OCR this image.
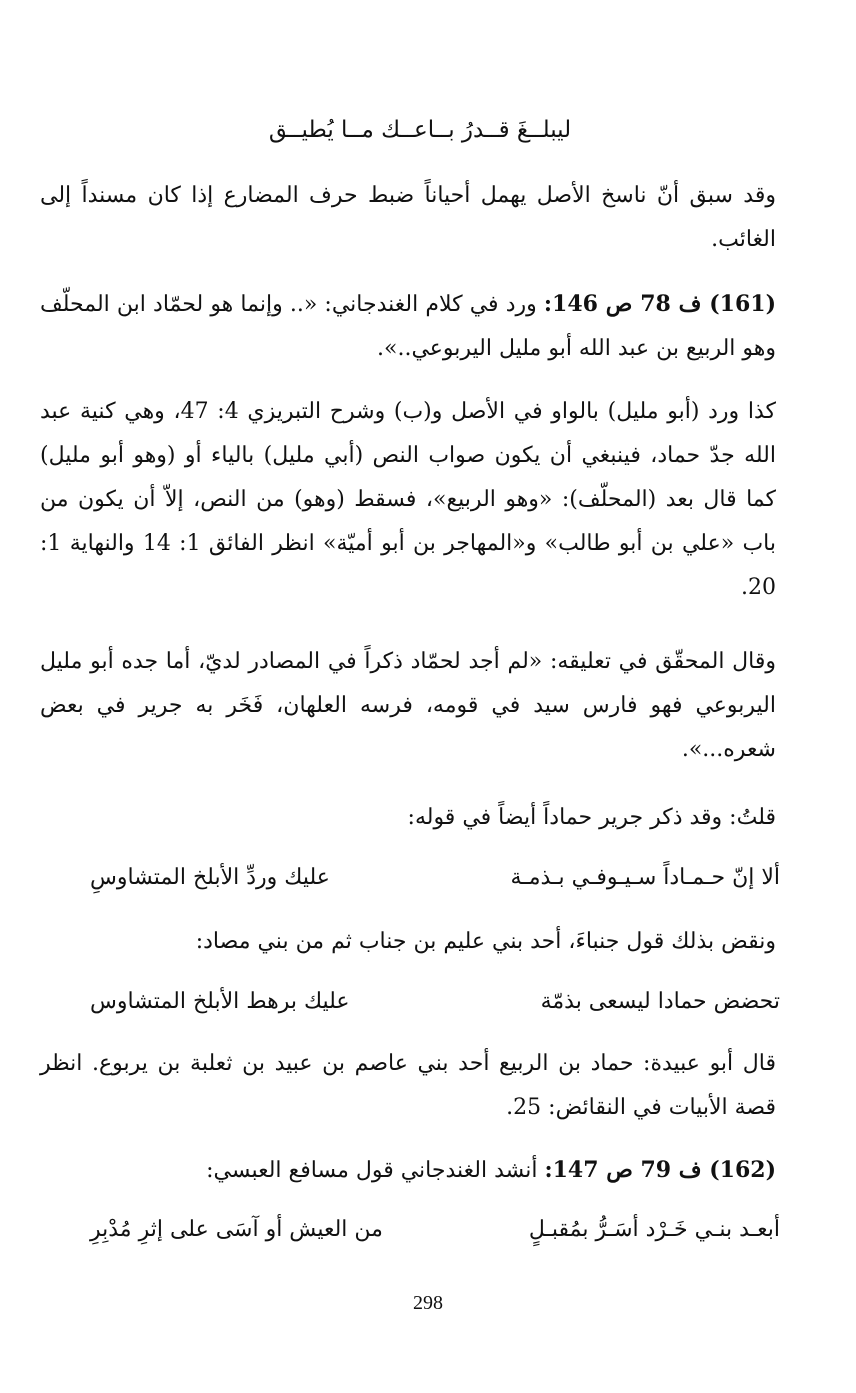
ليبلــغَ قــدرُ بــاعــك مــا يُطيــق
وقد سبق أنّ ناسخ الأصل يهمل أحياناً ضبط حرف المضارع إذا كان مسنداً إلى الغائب.
(161) ف 78 ص 146: ورد في كلام الغندجاني: «.. وإنما هو لحمّاد ابن المحلّف وهو الربيع بن عبد الله أبو مليل اليربوعي..».
كذا ورد (أبو مليل) بالواو في الأصل و(ب) وشرح التبريزي 4: 47، وهي كنية عبد الله جدّ حماد، فينبغي أن يكون صواب النص (أبي مليل) بالياء أو (وهو أبو مليل) كما قال بعد (المحلّف): «وهو الربيع»، فسقط (وهو) من النص، إلاّ أن يكون من باب «علي بن أبو طالب» و«المهاجر بن أبو أميّة» انظر الفائق 1: 14 والنهاية 1: 20.
وقال المحقّق في تعليقه: «لم أجد لحمّاد ذكراً في المصادر لديّ، أما جده أبو مليل اليربوعي فهو فارس سيد في قومه، فرسه العلهان، فَخَر به جرير في بعض شعره...».
قلتُ: وقد ذكر جرير حماداً أيضاً في قوله:
ألا إنّ حـمـاداً سـيـوفـي بـذمـة
عليك وردِّ الأبلخ المتشاوسِ
ونقض بذلك قول جنباءَ، أحد بني عليم بن جناب ثم من بني مصاد:
تحضض حمادا ليسعى بذمّة
عليك برهط الأبلخ المتشاوس
قال أبو عبيدة: حماد بن الربيع أحد بني عاصم بن عبيد بن ثعلبة بن يربوع. انظر قصة الأبيات في النقائض: 25.
(162) ف 79 ص 147: أنشد الغندجاني قول مسافع العبسي:
أبعـد بنـي خَـرْد أسَـرُّ بمُقبـلٍ
من العيش أو آسَى على إثرِ مُدْبِرِ
298
